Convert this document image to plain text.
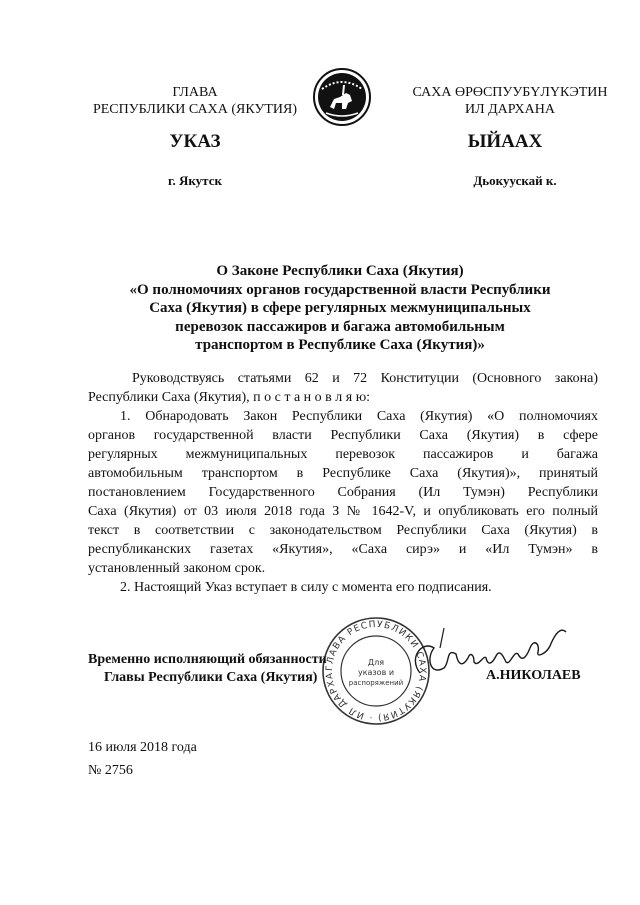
ГЛАВА
РЕСПУБЛИКИ САХА (ЯКУТИЯ)
САХА ӨРӨСПУУБҮЛҮКЭТИН
ИЛ ДАРХАНА
УКАЗ	ЫЙААХ
г. Якутск	Дьокуускай к.
О Законе Республики Саха (Якутия)
«О полномочиях органов государственной власти Республики
Саха (Якутия) в сфере регулярных межмуниципальных
перевозок пассажиров и багажа автомобильным
транспортом в Республике Саха (Якутия)»
Руководствуясь статьями 62 и 72 Конституции (Основного закона)
Республики Саха (Якутия), п о с т а н о в л я ю:
1. Обнародовать Закон Республики Саха (Якутия) «О полномочиях
органов государственной власти Республики Саха (Якутия) в сфере
регулярных межмуниципальных перевозок пассажиров и багажа
автомобильным транспортом в Республике Саха (Якутия)», принятый
постановлением Государственного Собрания (Ил Тумэн) Республики
Саха (Якутия) от 03 июля 2018 года З № 1642-V, и опубликовать его полный
текст в соответствии с законодательством Республики Саха (Якутия) в
республиканских газетах «Якутия», «Саха сирэ» и «Ил Тумэн» в
установленный законом срок.
2. Настоящий Указ вступает в силу с момента его подписания.
ГЛАВА РЕСПУБЛИКИ САХА (ЯКУТИЯ) · ИЛ ДАРХА
Для
указов и
распоряжений
Временно исполняющий обязанности
Главы Республики Саха (Якутия)	А.НИКОЛАЕВ
16 июля 2018 года
№ 2756
